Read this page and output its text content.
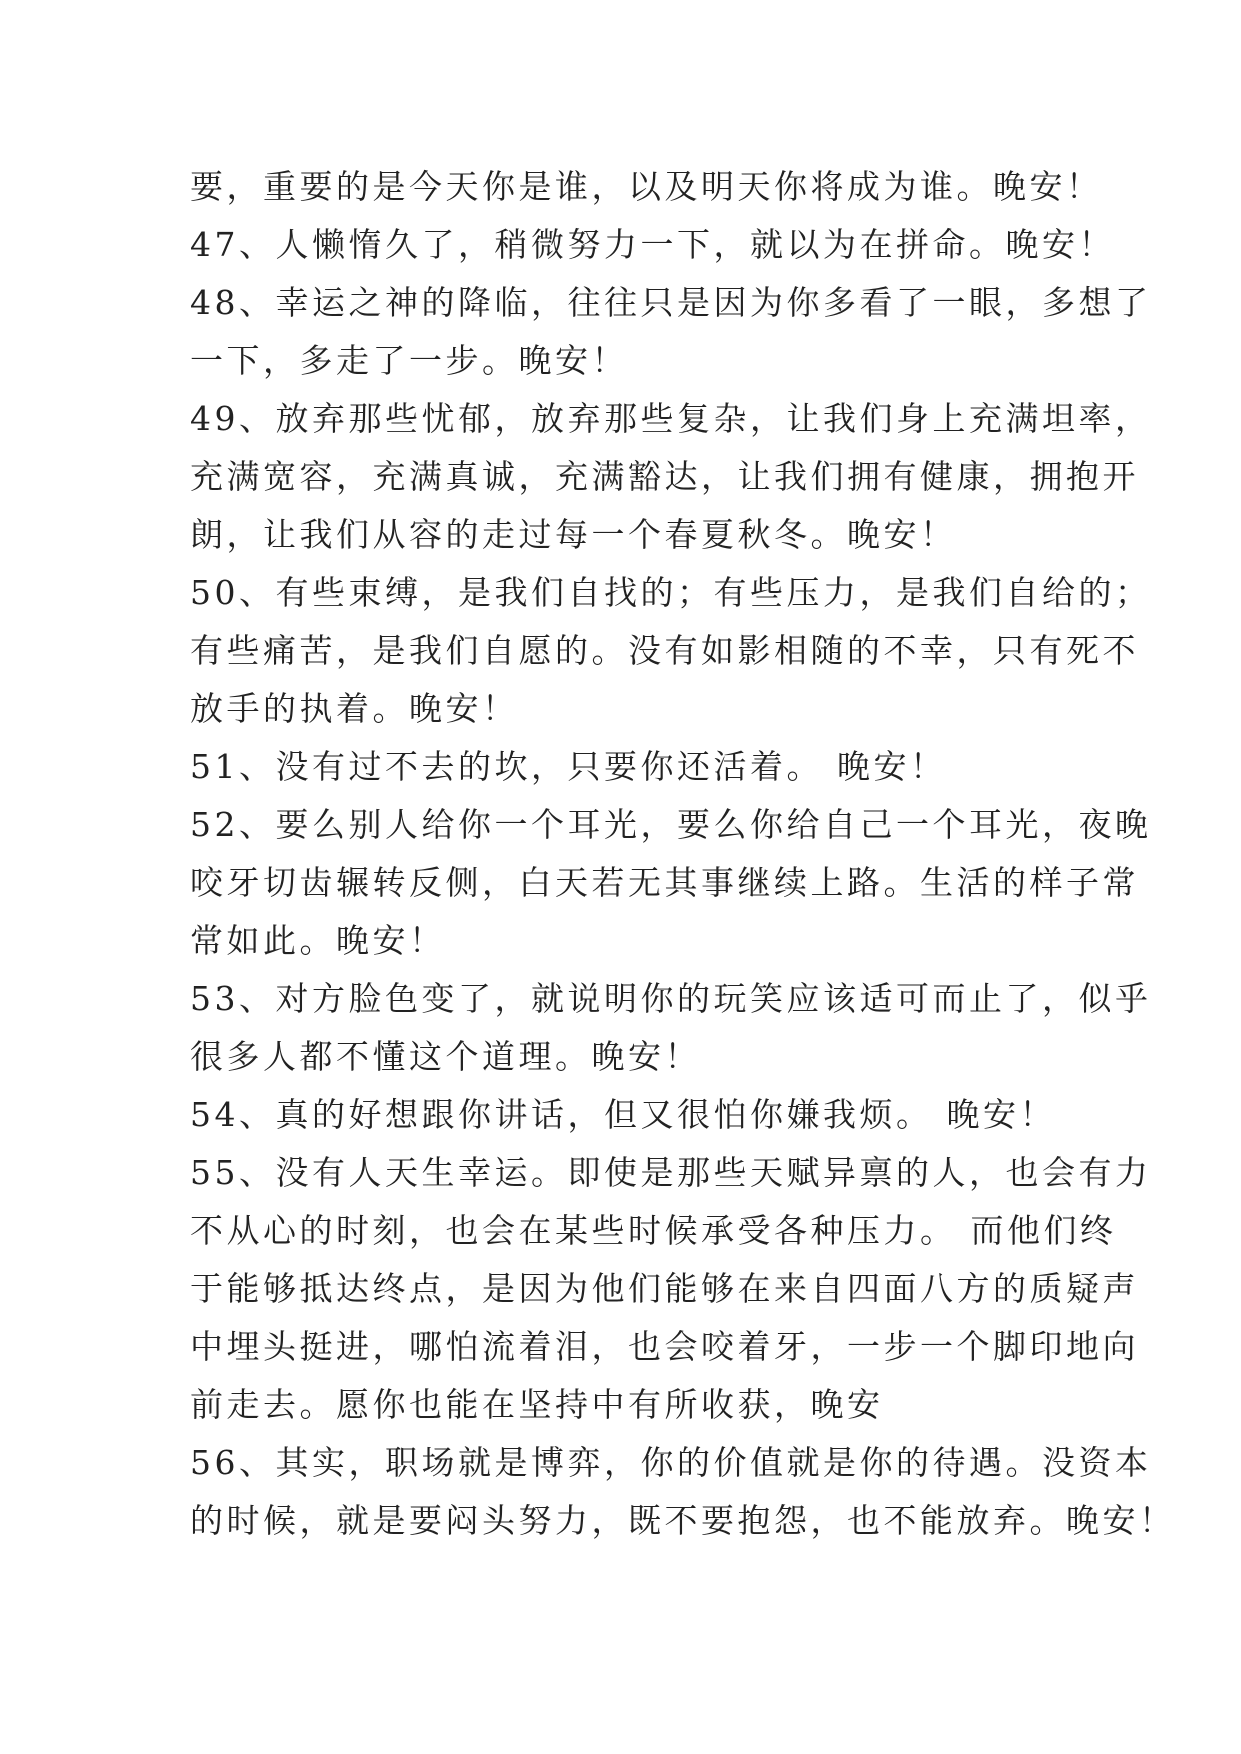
要，重要的是今天你是谁，以及明天你将成为谁。晚安！
47、人懒惰久了，稍微努力一下，就以为在拼命。晚安！
48、幸运之神的降临，往往只是因为你多看了一眼，多想了
一下，多走了一步。晚安！
49、放弃那些忧郁，放弃那些复杂，让我们身上充满坦率，
充满宽容，充满真诚，充满豁达，让我们拥有健康，拥抱开
朗，让我们从容的走过每一个春夏秋冬。晚安！
50、有些束缚，是我们自找的；有些压力，是我们自给的；
有些痛苦，是我们自愿的。没有如影相随的不幸，只有死不
放手的执着。晚安！
51、没有过不去的坎，只要你还活着。 晚安！
52、要么别人给你一个耳光，要么你给自己一个耳光，夜晚
咬牙切齿辗转反侧，白天若无其事继续上路。生活的样子常
常如此。晚安！
53、对方脸色变了，就说明你的玩笑应该适可而止了，似乎
很多人都不懂这个道理。晚安！
54、真的好想跟你讲话，但又很怕你嫌我烦。 晚安！
55、没有人天生幸运。即使是那些天赋异禀的人，也会有力
不从心的时刻，也会在某些时候承受各种压力。 而他们终
于能够抵达终点，是因为他们能够在来自四面八方的质疑声
中埋头挺进，哪怕流着泪，也会咬着牙，一步一个脚印地向
前走去。愿你也能在坚持中有所收获，晚安
56、其实，职场就是博弈，你的价值就是你的待遇。没资本
的时候，就是要闷头努力，既不要抱怨，也不能放弃。晚安！
